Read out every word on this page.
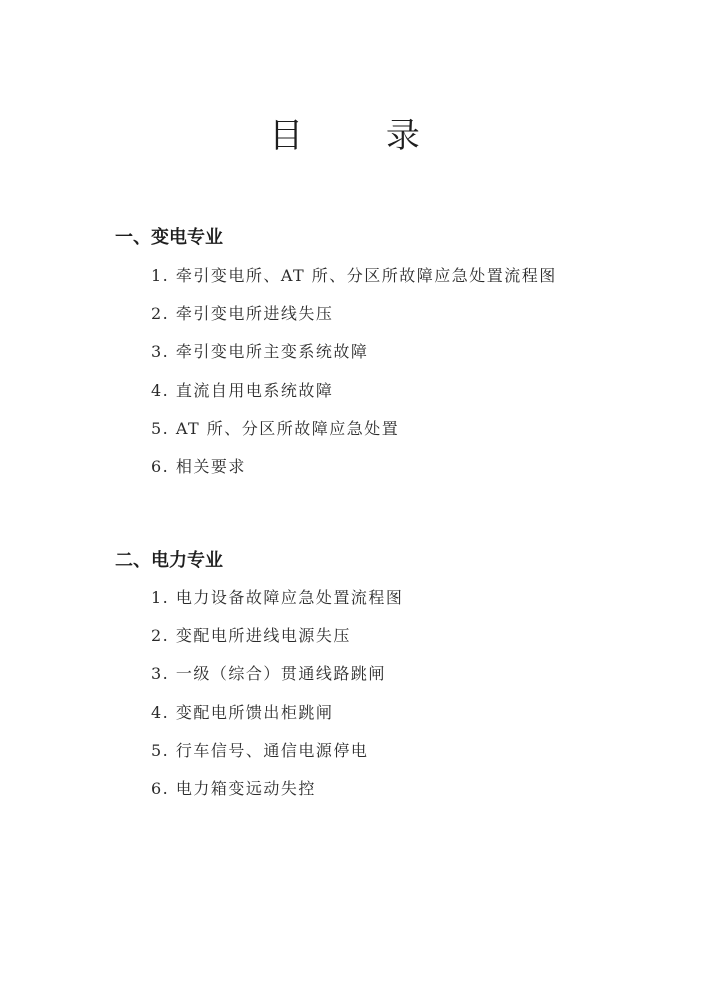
目 录
一、变电专业
1. 牵引变电所、AT 所、分区所故障应急处置流程图
2. 牵引变电所进线失压
3. 牵引变电所主变系统故障
4. 直流自用电系统故障
5. AT 所、分区所故障应急处置
6. 相关要求
二、电力专业
1. 电力设备故障应急处置流程图
2. 变配电所进线电源失压
3. 一级（综合）贯通线路跳闸
4. 变配电所馈出柜跳闸
5. 行车信号、通信电源停电
6. 电力箱变远动失控
